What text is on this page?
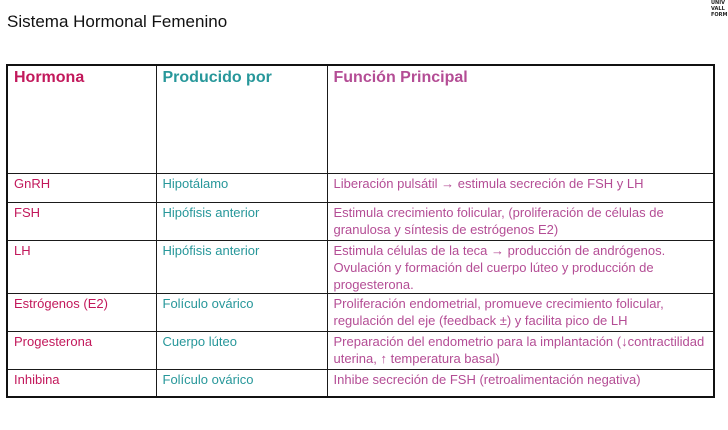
Sistema Hormonal Femenino
UNIV
VALL
FORM
Hormona	Producido por	Función Principal
GnRH	Hipotálamo	Liberación pulsátil → estimula secreción de FSH y LH
FSH	Hipófisis anterior	Estimula crecimiento folicular, (proliferación de células de granulosa y síntesis de estrógenos E2)
LH	Hipófisis anterior	Estimula células de la teca → producción de andrógenos. Ovulación y formación del cuerpo lúteo y producción de progesterona.
Estrógenos (E2)	Folículo ovárico	Proliferación endometrial, promueve crecimiento folicular, regulación del eje (feedback ±) y facilita pico de LH
Progesterona	Cuerpo lúteo	Preparación del endometrio para la implantación (↓contractilidad uterina, ↑ temperatura basal)
Inhibina	Folículo ovárico	Inhibe secreción de FSH (retroalimentación negativa)
